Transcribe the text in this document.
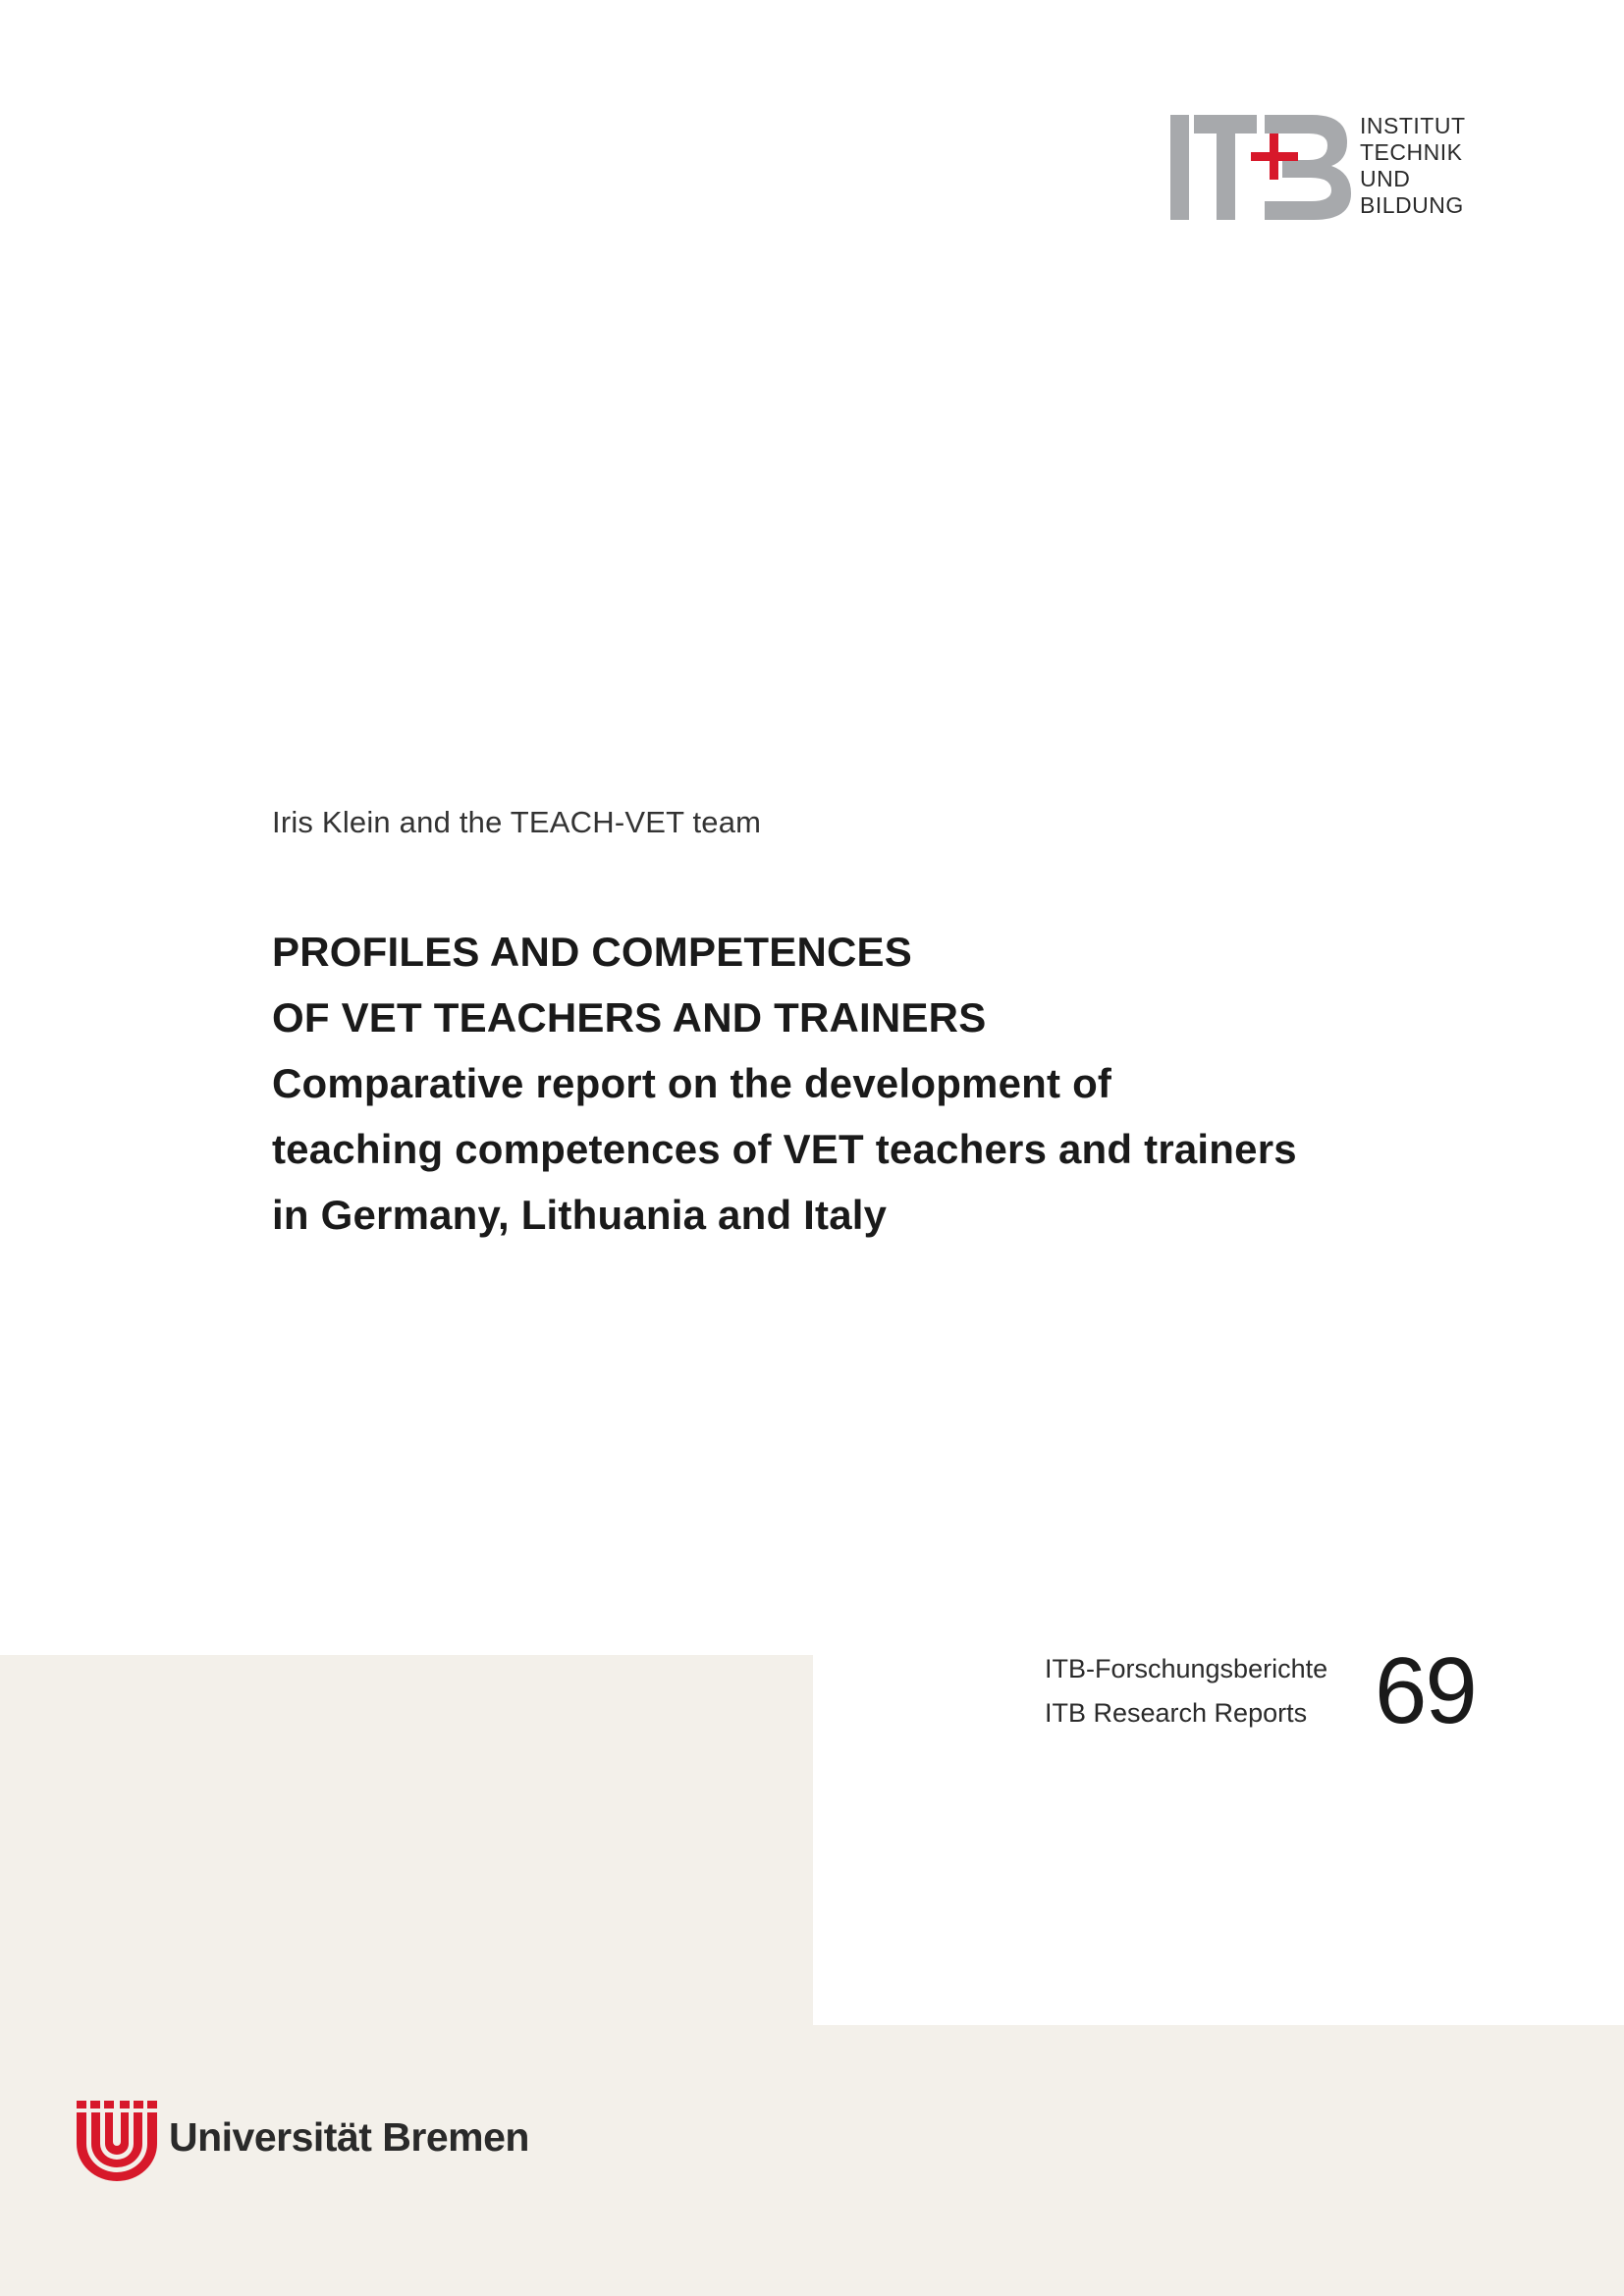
INSTITUT
TECHNIK
UND
BILDUNG
Iris Klein and the TEACH-VET team
PROFILES AND COMPETENCES
OF VET TEACHERS AND TRAINERS
Comparative report on the development of
teaching competences of VET teachers and trainers
in Germany, Lithuania and Italy
ITB-Forschungsberichte
ITB Research Reports 69
Universität Bremen
